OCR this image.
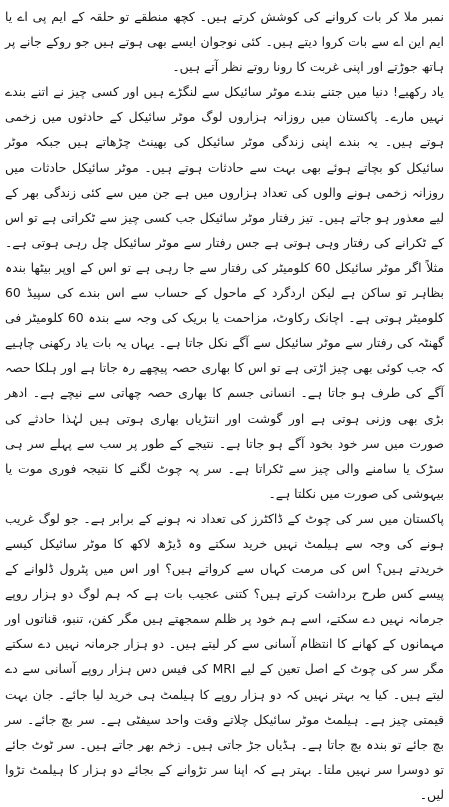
نمبر ملا کر بات کروانے کی کوشش کرتے ہیں۔ کچھ منطقے تو حلقہ کے ایم پی اے یا ایم این اے سے بات کروا دیتے ہیں۔ کئی نوجوان ایسے بھی ہوتے ہیں جو روکے جانے پر ہاتھ جوڑتے اور اپنی غربت کا رونا روتے نظر آتے ہیں۔

یاد رکھیے! دنیا میں جتنے بندے موٹر سائیکل سے لنگڑے ہیں اور کسی چیز نے اتنے بندے نہیں مارے۔ پاکستان میں روزانہ ہزاروں لوگ موٹر سائیکل کے حادثوں میں زخمی ہوتے ہیں۔ یہ بندے اپنی زندگی موٹر سائیکل کی بھینٹ چڑھاتے ہیں جبکہ موٹر سائیکل کو بچاتے ہوئے بھی بہت سے حادثات ہوتے ہیں۔ موٹر سائیکل حادثات میں روزانہ زخمی ہونے والوں کی تعداد ہزاروں میں ہے جن میں سے کئی زندگی بھر کے لیے معذور ہو جاتے ہیں۔ تیز رفتار موٹر سائیکل جب کسی چیز سے ٹکراتی ہے تو اس کے ٹکرانے کی رفتار وہی ہوتی ہے جس رفتار سے موٹر سائیکل چل رہی ہوتی ہے۔ مثلاً اگر موٹر سائیکل 60 کلومیٹر کی رفتار سے جا رہی ہے تو اس کے اوپر بیٹھا بندہ بظاہر تو ساکن ہے لیکن اردگرد کے ماحول کے حساب سے اس بندے کی سپیڈ 60 کلومیٹر ہوتی ہے۔ اچانک رکاوٹ، مزاحمت یا بریک کی وجہ سے بندہ 60 کلومیٹر فی گھنٹہ کی رفتار سے موٹر سائیکل سے آگے نکل جاتا ہے۔ یہاں یہ بات یاد رکھنی چاہیے کہ جب کوئی بھی چیز اڑتی ہے تو اس کا بھاری حصہ پیچھے رہ جاتا ہے اور ہلکا حصہ آگے کی طرف ہو جاتا ہے۔ انسانی جسم کا بھاری حصہ چھاتی سے نیچے ہے۔ ادھر بڑی بھی وزنی ہوتی ہے اور گوشت اور انتڑیاں بھاری ہوتی ہیں لہٰذا حادثے کی صورت میں سر خود بخود آگے ہو جاتا ہے۔ نتیجے کے طور پر سب سے پہلے سر ہی سڑک یا سامنے والی چیز سے ٹکراتا ہے۔ سر پہ چوٹ لگنے کا نتیجہ فوری موت یا بیہوشی کی صورت میں نکلتا ہے۔

پاکستان میں سر کی چوٹ کے ڈاکٹرز کی تعداد نہ ہونے کے برابر ہے۔ جو لوگ غریب ہونے کی وجہ سے ہیلمٹ نہیں خرید سکتے وہ ڈیڑھ لاکھ کا موٹر سائیکل کیسے خریدتے ہیں؟ اس کی مرمت کہاں سے کرواتے ہیں؟ اور اس میں پٹرول ڈلوانے کے پیسے کس طرح برداشت کرتے ہیں؟ کتنی عجیب بات ہے کہ ہم لوگ دو ہزار روپے جرمانہ نہیں دے سکتے، اسے ہم خود پر ظلم سمجھتے ہیں مگر کفن، تنبو، قناتوں اور مہمانوں کے کھانے کا انتظام آسانی سے کر لیتے ہیں۔ دو ہزار جرمانہ نہیں دے سکتے مگر سر کی چوٹ کے اصل تعین کے لیے MRI کی فیس دس ہزار روپے آسانی سے دے لیتے ہیں۔ کیا یہ بہتر نہیں کہ دو ہزار روپے کا ہیلمٹ ہی خرید لیا جائے۔ جان بہت قیمتی چیز ہے۔ ہیلمٹ موٹر سائیکل چلاتے وقت واحد سیفٹی ہے۔ سر بچ جائے۔ سر بچ جائے تو بندہ بچ جاتا ہے۔ ہڈیاں جڑ جاتی ہیں۔ زخم بھر جاتے ہیں۔ سر ٹوٹ جائے تو دوسرا سر نہیں ملتا۔ بہتر ہے کہ اپنا سر تڑوانے کے بجائے دو ہزار کا ہیلمٹ تڑوا لیں۔
